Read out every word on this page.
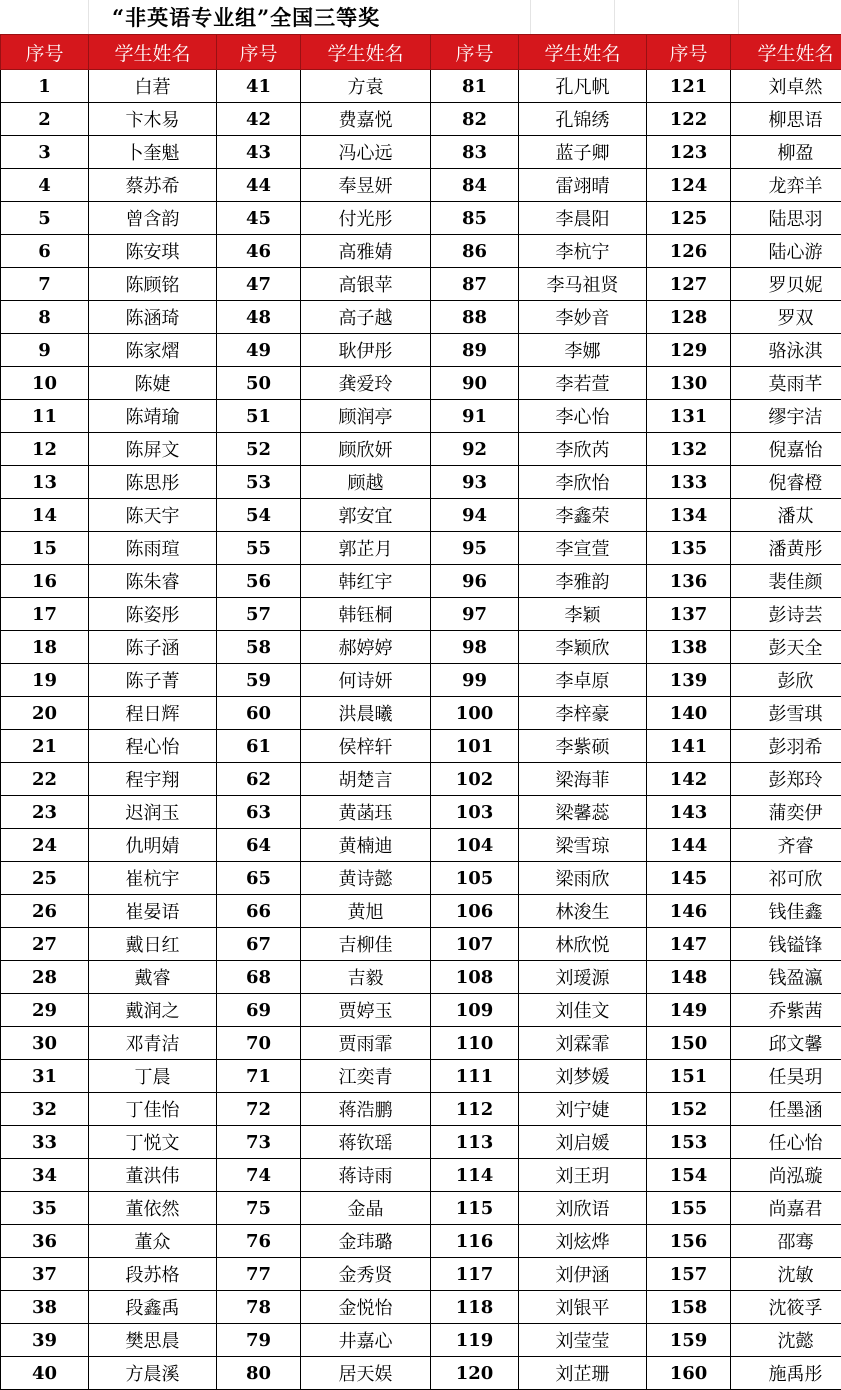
“非英语专业组”全国三等奖
序号	学生姓名	序号	学生姓名	序号	学生姓名	序号	学生姓名
1	白莙	41	方袁	81	孔凡帆	121	刘卓然
2	卞木易	42	费嘉悦	82	孔锦绣	122	柳思语
3	卜奎魁	43	冯心远	83	蓝子卿	123	柳盈
4	蔡苏希	44	奉昱妍	84	雷翊晴	124	龙弈羊
5	曾含韵	45	付光彤	85	李晨阳	125	陆思羽
6	陈安琪	46	高雅婧	86	李杭宁	126	陆心游
7	陈顾铭	47	高银苹	87	李马祖贤	127	罗贝妮
8	陈涵琦	48	高子越	88	李妙音	128	罗双
9	陈家熠	49	耿伊彤	89	李娜	129	骆泳淇
10	陈婕	50	龚爱玲	90	李若萱	130	莫雨芊
11	陈靖瑜	51	顾润亭	91	李心怡	131	缪宇洁
12	陈屏文	52	顾欣妍	92	李欣芮	132	倪嘉怡
13	陈思彤	53	顾越	93	李欣怡	133	倪睿橙
14	陈天宇	54	郭安宜	94	李鑫荣	134	潘苁
15	陈雨瑄	55	郭芷月	95	李宣萱	135	潘黄彤
16	陈朱睿	56	韩红宇	96	李雅韵	136	裴佳颜
17	陈姿彤	57	韩钰桐	97	李颖	137	彭诗芸
18	陈子涵	58	郝婷婷	98	李颖欣	138	彭天全
19	陈子菁	59	何诗妍	99	李卓原	139	彭欣
20	程日辉	60	洪晨曦	100	李梓豪	140	彭雪琪
21	程心怡	61	侯梓轩	101	李紫硕	141	彭羽希
22	程宇翔	62	胡楚言	102	梁海菲	142	彭郑玲
23	迟润玉	63	黄菡珏	103	梁馨蕊	143	蒲奕伊
24	仇明婧	64	黄楠迪	104	梁雪琼	144	齐睿
25	崔杭宇	65	黄诗懿	105	梁雨欣	145	祁可欣
26	崔晏语	66	黄旭	106	林浚生	146	钱佳鑫
27	戴日红	67	吉柳佳	107	林欣悦	147	钱镒锋
28	戴睿	68	吉毅	108	刘瑷源	148	钱盈瀛
29	戴润之	69	贾婷玉	109	刘佳文	149	乔紫茜
30	邓青洁	70	贾雨霏	110	刘霖霏	150	邱文馨
31	丁晨	71	江奕青	111	刘梦媛	151	任昊玥
32	丁佳怡	72	蒋浩鹏	112	刘宁婕	152	任墨涵
33	丁悦文	73	蒋钦瑶	113	刘启媛	153	任心怡
34	董洪伟	74	蒋诗雨	114	刘王玥	154	尚泓璇
35	董依然	75	金晶	115	刘欣语	155	尚嘉君
36	董众	76	金玮璐	116	刘炫烨	156	邵骞
37	段苏格	77	金秀贤	117	刘伊涵	157	沈敏
38	段鑫禹	78	金悦怡	118	刘银平	158	沈筱孚
39	樊思晨	79	井嘉心	119	刘莹莹	159	沈懿
40	方晨溪	80	居天娱	120	刘芷珊	160	施禹彤
